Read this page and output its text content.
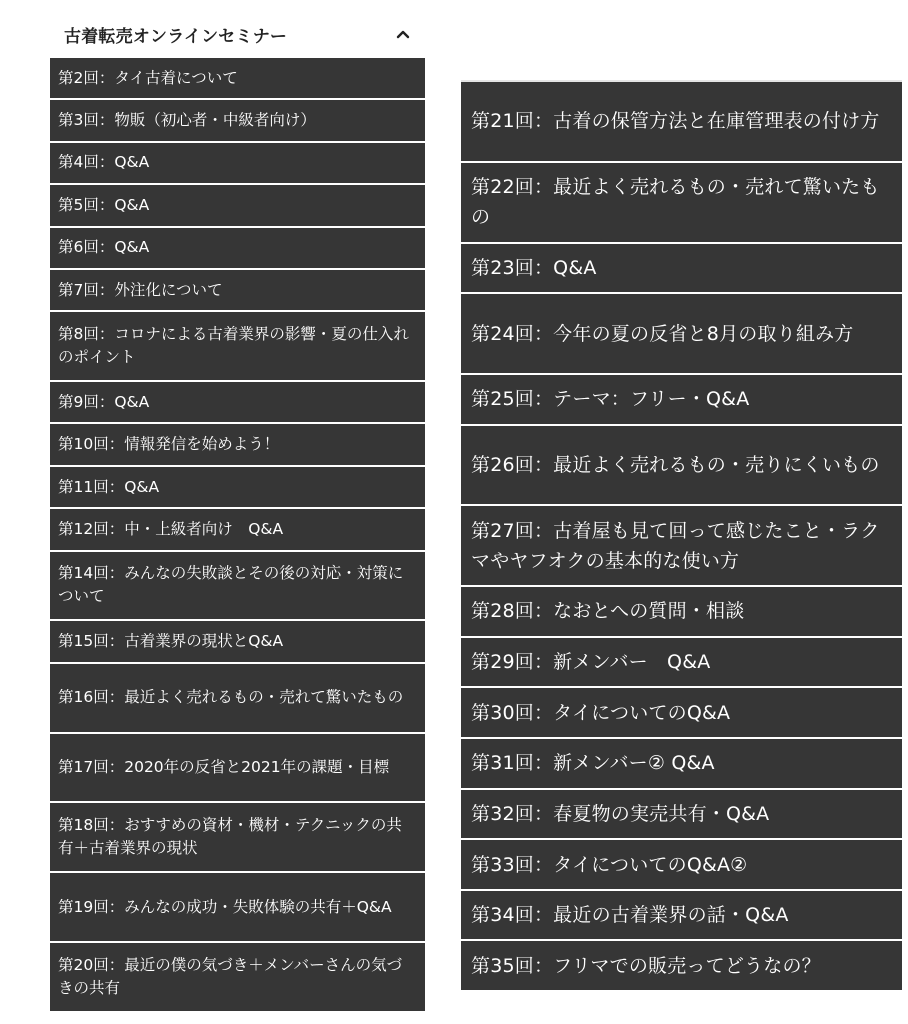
古着転売オンラインセミナー
第2回：タイ古着について
第3回：物販（初心者・中級者向け）
第4回：Q&A
第5回：Q&A
第6回：Q&A
第7回：外注化について
第8回：コロナによる古着業界の影響・夏の仕入れのポイント
第9回：Q&A
第10回：情報発信を始めよう！
第11回：Q&A
第12回：中・上級者向け　Q&A
第14回：みんなの失敗談とその後の対応・対策について
第15回：古着業界の現状とQ&A
第16回：最近よく売れるもの・売れて驚いたもの
第17回：2020年の反省と2021年の課題・目標
第18回：おすすめの資材・機材・テクニックの共有＋古着業界の現状
第19回：みんなの成功・失敗体験の共有＋Q&A
第20回：最近の僕の気づき＋メンバーさんの気づきの共有
第21回：古着の保管方法と在庫管理表の付け方
第22回：最近よく売れるもの・売れて驚いたもの
第23回：Q&A
第24回：今年の夏の反省と8月の取り組み方
第25回：テーマ：フリー・Q&A
第26回：最近よく売れるもの・売りにくいもの
第27回：古着屋も見て回って感じたこと・ラクマやヤフオクの基本的な使い方
第28回：なおとへの質問・相談
第29回：新メンバー　Q&A
第30回：タイについてのQ&A
第31回：新メンバー② Q&A
第32回：春夏物の実売共有・Q&A
第33回：タイについてのQ&A②
第34回：最近の古着業界の話・Q&A
第35回：フリマでの販売ってどうなの？
